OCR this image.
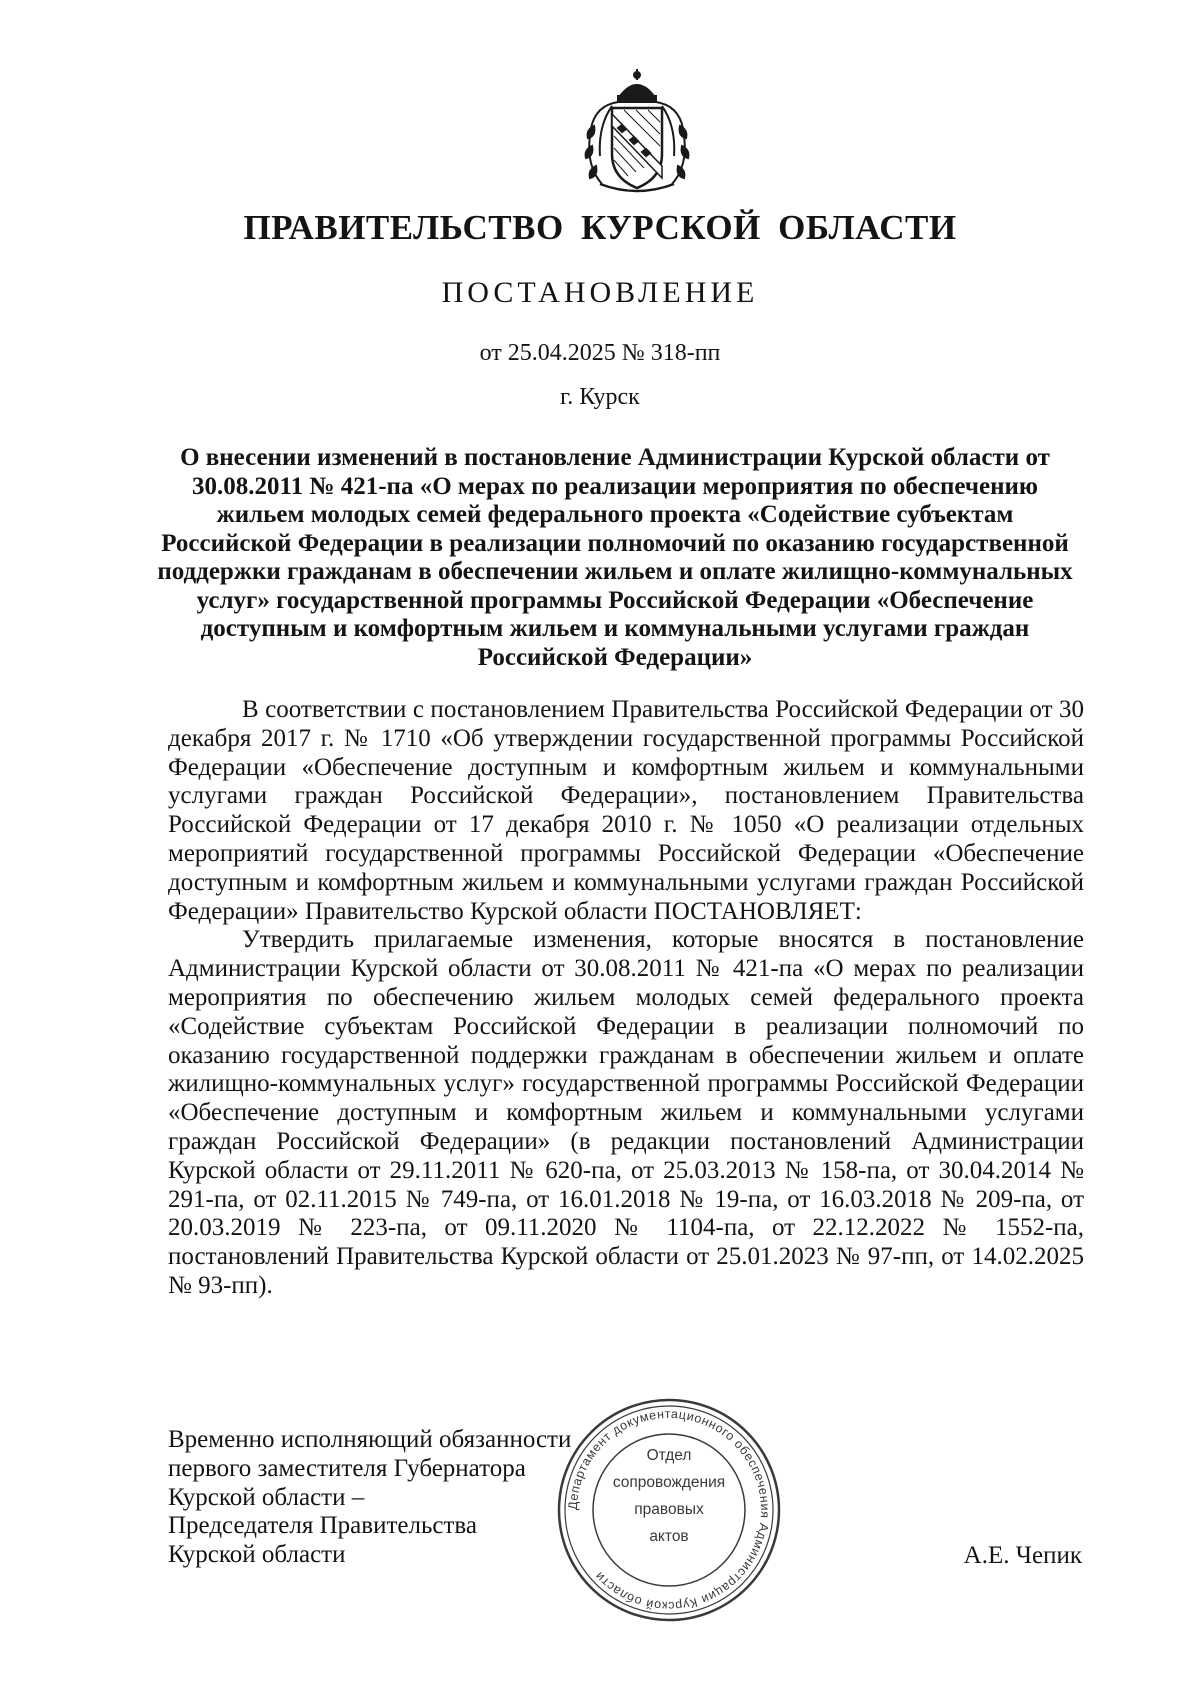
ПРАВИТЕЛЬСТВО КУРСКОЙ ОБЛАСТИ
ПОСТАНОВЛЕНИЕ
от 25.04.2025 № 318-пп
г. Курск
О внесении изменений в постановление Администрации Курской области от 30.08.2011 № 421-па «О мерах по реализации мероприятия по обеспечению жильем молодых семей федерального проекта «Содействие субъектам Российской Федерации в реализации полномочий по оказанию государственной поддержки гражданам в обеспечении жильем и оплате жилищно-коммунальных услуг» государственной программы Российской Федерации «Обеспечение доступным и комфортным жильем и коммунальными услугами граждан Российской Федерации»

В соответствии с постановлением Правительства Российской Федерации от 30 декабря 2017 г. № 1710 «Об утверждении государственной программы Российской Федерации «Обеспечение доступным и комфортным жильем и коммунальными услугами граждан Российской Федерации», постановлением Правительства Российской Федерации от 17 декабря 2010 г. № 1050 «О реализации отдельных мероприятий государственной программы Российской Федерации «Обеспечение доступным и комфортным жильем и коммунальными услугами граждан Российской Федерации» Правительство Курской области ПОСТАНОВЛЯЕТ:

Утвердить прилагаемые изменения, которые вносятся в постановление Администрации Курской области от 30.08.2011 № 421-па «О мерах по реализации мероприятия по обеспечению жильем молодых семей федерального проекта «Содействие субъектам Российской Федерации в реализации полномочий по оказанию государственной поддержки гражданам в обеспечении жильем и оплате жилищно-коммунальных услуг» государственной программы Российской Федерации «Обеспечение доступным и комфортным жильем и коммунальными услугами граждан Российской Федерации» (в редакции постановлений Администрации Курской области от 29.11.2011 № 620-па, от 25.03.2013 № 158-па, от 30.04.2014 № 291-па, от 02.11.2015 № 749-па, от 16.01.2018 № 19-па, от 16.03.2018 № 209-па, от 20.03.2019 № 223-па, от 09.11.2020 № 1104-па, от 22.12.2022 № 1552-па, постановлений Правительства Курской области от 25.01.2023 № 97-пп, от 14.02.2025 № 93-пп).

Временно исполняющий обязанности
первого заместителя Губернатора
Курской области –
Председателя Правительства
Курской области	А.Е. Чепик
Департамент документационного обеспечения Администрации Курской области
Отдел
сопровождения
правовых
актов
